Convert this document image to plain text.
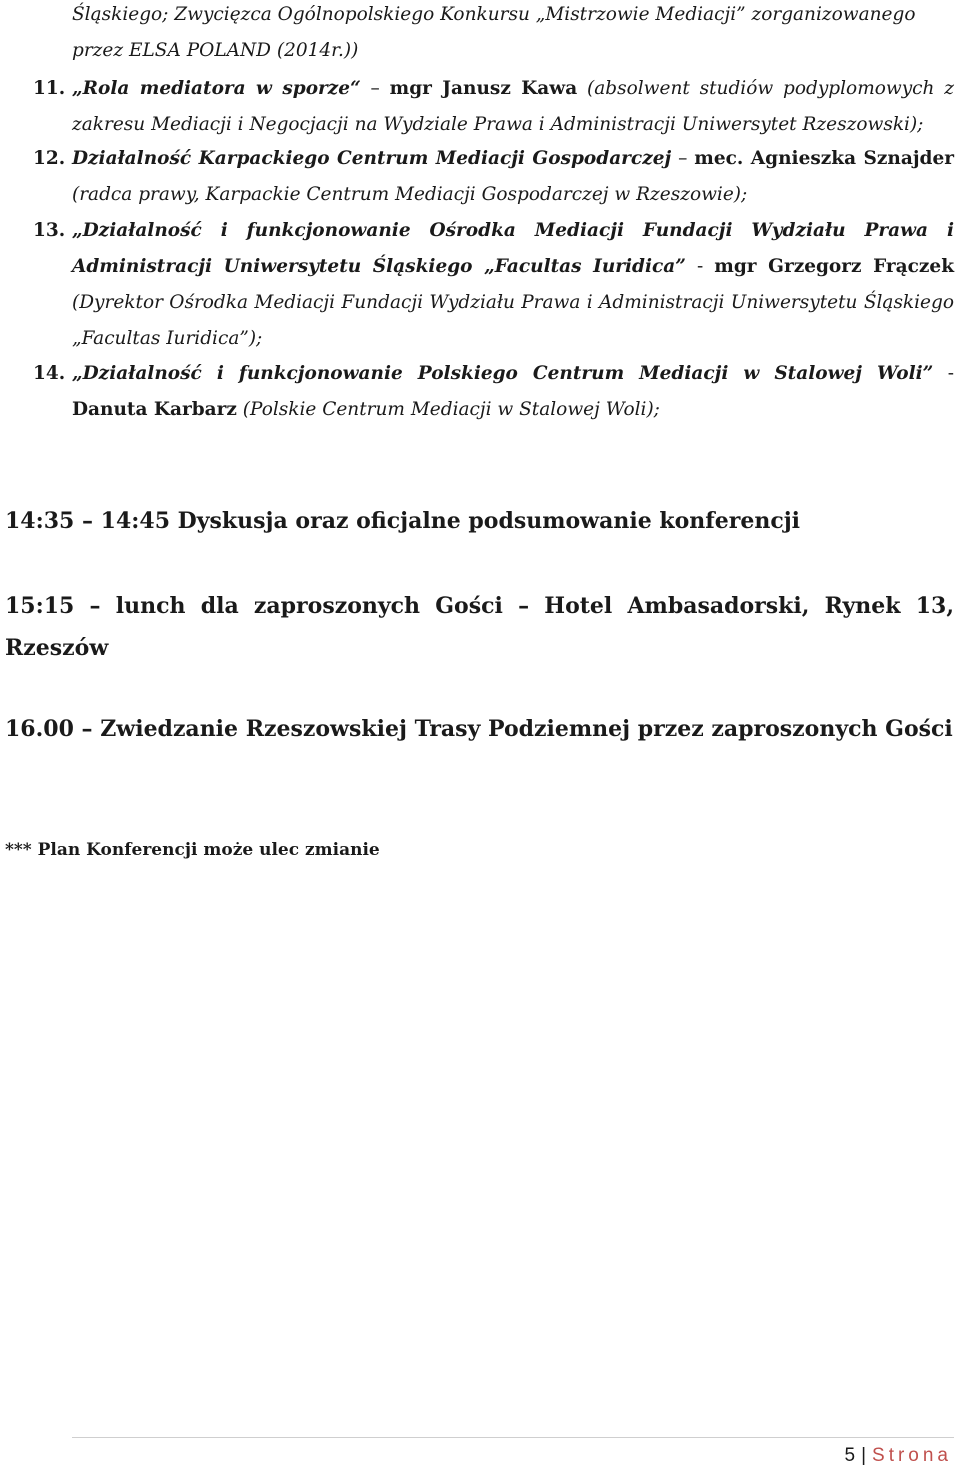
Śląskiego; Zwycięzca Ogólnopolskiego Konkursu „Mistrzowie Mediacji” zorganizowanego
przez ELSA POLAND (2014r.))
11. „Rola mediatora w sporze“ – mgr Janusz Kawa (absolwent studiów podyplomowych z zakresu Mediacji i Negocjacji na Wydziale Prawa i Administracji Uniwersytet Rzeszowski);
12. Działalność Karpackiego Centrum Mediacji Gospodarczej – mec. Agnieszka Sznajder (radca prawy, Karpackie Centrum Mediacji Gospodarczej w Rzeszowie);
13. „Działalność i funkcjonowanie Ośrodka Mediacji Fundacji Wydziału Prawa i Administracji Uniwersytetu Śląskiego „Facultas Iuridica” - mgr Grzegorz Frączek (Dyrektor Ośrodka Mediacji Fundacji Wydziału Prawa i Administracji Uniwersytetu Śląskiego „Facultas Iuridica”);
14. „Działalność i funkcjonowanie Polskiego Centrum Mediacji w Stalowej Woli” - Danuta Karbarz (Polskie Centrum Mediacji w Stalowej Woli);
14:35 – 14:45 Dyskusja oraz oficjalne podsumowanie konferencji
15:15 – lunch dla zaproszonych Gości – Hotel Ambasadorski, Rynek 13, Rzeszów
16.00 – Zwiedzanie Rzeszowskiej Trasy Podziemnej przez zaproszonych Gości
*** Plan Konferencji może ulec zmianie
5 | Strona
